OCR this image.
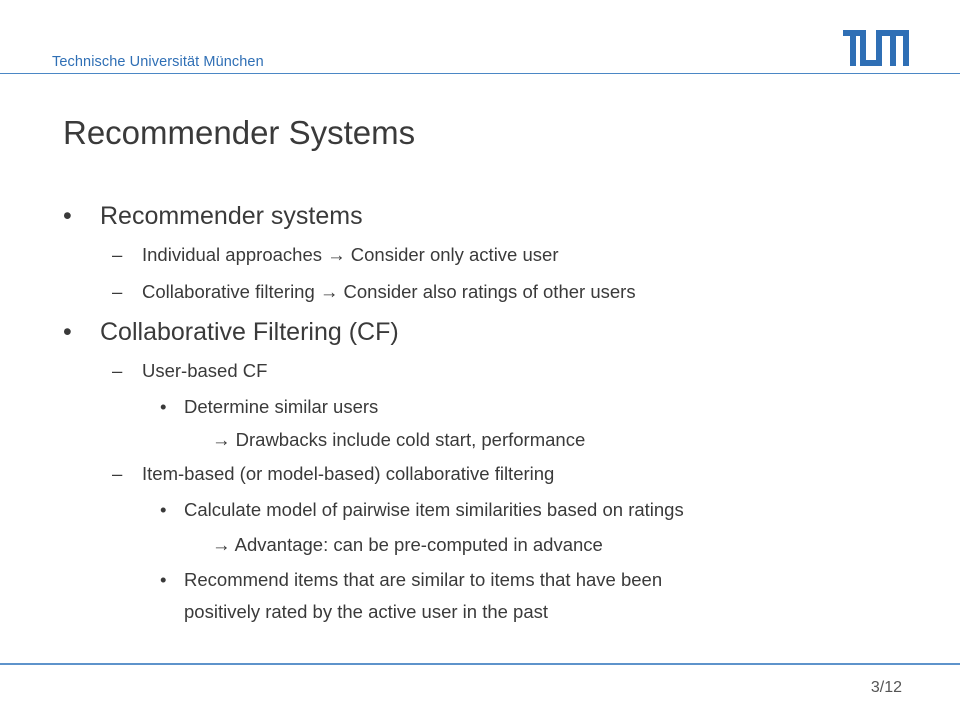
Technische Universität München
Recommender Systems
• Recommender systems
– Individual approaches → Consider only active user
– Collaborative filtering → Consider also ratings of other users
• Collaborative Filtering (CF)
– User-based CF
• Determine similar users
→ Drawbacks include cold start, performance
– Item-based (or model-based) collaborative filtering
• Calculate model of pairwise item similarities based on ratings
→ Advantage: can be pre-computed in advance
• Recommend items that are similar to items that have been
positively rated by the active user in the past
3/12
